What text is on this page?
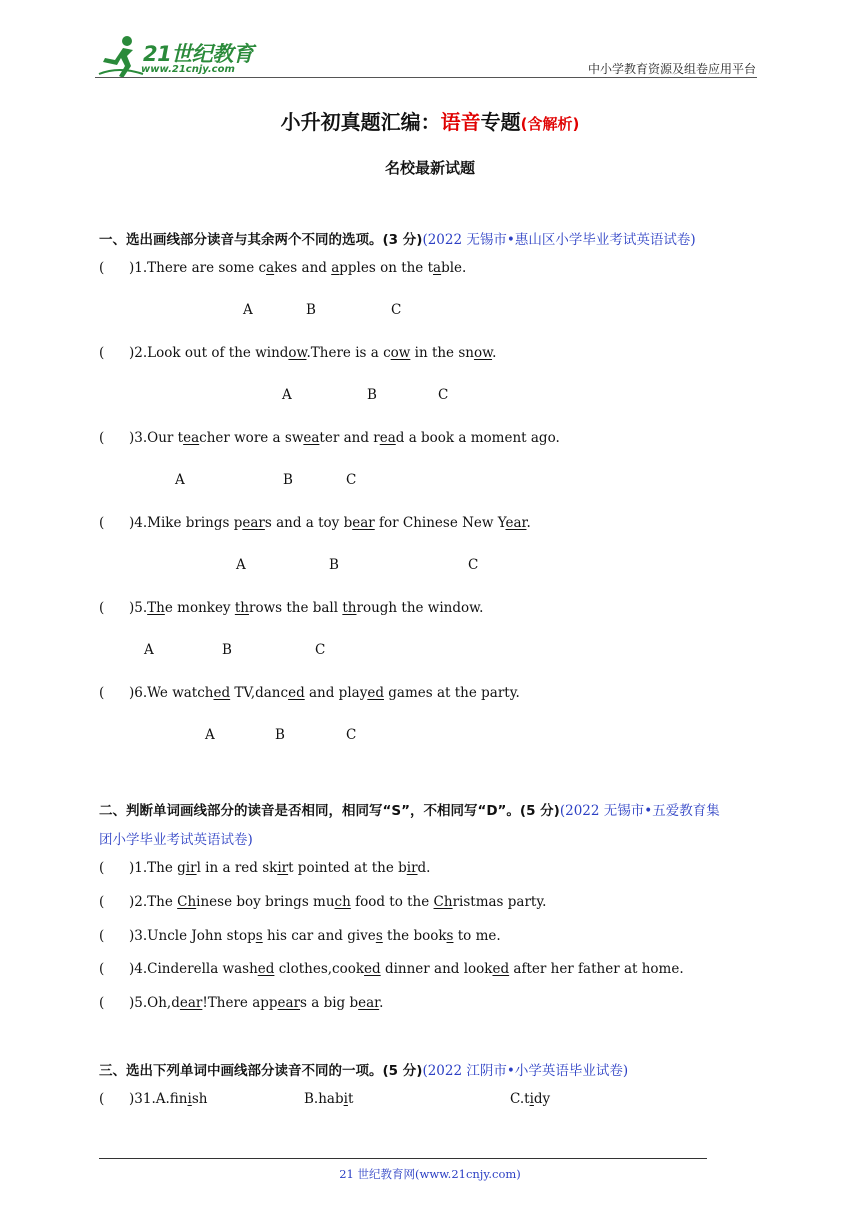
21世纪教育
www.21cnjy.com	中小学教育资源及组卷应用平台
小升初真题汇编：语音专题(含解析)
名校最新试题
一、选出画线部分读音与其余两个不同的选项。(3 分)(2022 无锡市•惠山区小学毕业考试英语试卷)
( )1.There are some cakes and apples on the table.
A	B	C
( )2.Look out of the window.There is a cow in the snow.
A	B	C
( )3.Our teacher wore a sweater and read a book a moment ago.
A	B	C
( )4.Mike brings pears and a toy bear for Chinese New Year.
A	B	C
( )5.The monkey throws the ball through the window.
A	B	C
( )6.We watched TV,danced and played games at the party.
A	B	C
二、判断单词画线部分的读音是否相同，相同写“S”，不相同写“D”。(5 分)(2022 无锡市•五爱教育集
团小学毕业考试英语试卷)
( )1.The girl in a red skirt pointed at the bird.
( )2.The Chinese boy brings much food to the Christmas party.
( )3.Uncle John stops his car and gives the books to me.
( )4.Cinderella washed clothes,cooked dinner and looked after her father at home.
( )5.Oh,dear!There appears a big bear.
三、选出下列单词中画线部分读音不同的一项。(5 分)(2022 江阴市•小学英语毕业试卷)
( )31.A.finish	B.habit	C.tidy
21 世纪教育网(www.21cnjy.com)
